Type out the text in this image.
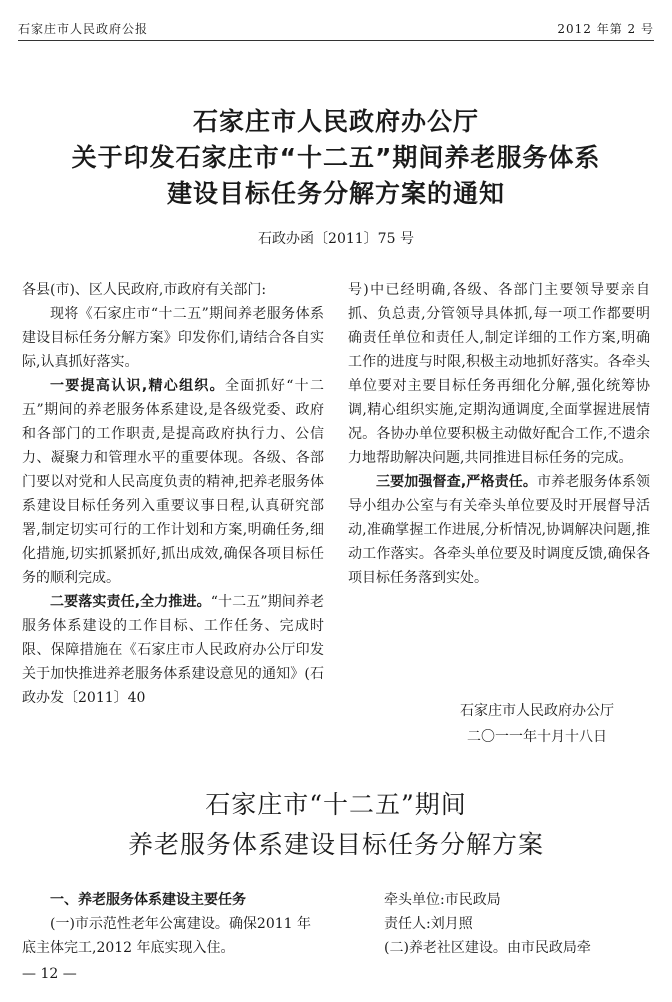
石家庄市人民政府公报	2012 年第 2 号
石家庄市人民政府办公厅
关于印发石家庄市“十二五”期间养老服务体系
建设目标任务分解方案的通知
石政办函〔2011〕75 号

各县(市)、区人民政府,市政府有关部门:

现将《石家庄市“十二五”期间养老服务体系建设目标任务分解方案》印发你们,请结合各自实际,认真抓好落实。

一要提高认识,精心组织。全面抓好“十二五”期间的养老服务体系建设,是各级党委、政府和各部门的工作职责,是提高政府执行力、公信力、凝聚力和管理水平的重要体现。各级、各部门要以对党和人民高度负责的精神,把养老服务体系建设目标任务列入重要议事日程,认真研究部署,制定切实可行的工作计划和方案,明确任务,细化措施,切实抓紧抓好,抓出成效,确保各项目标任务的顺利完成。

二要落实责任,全力推进。“十二五”期间养老服务体系建设的工作目标、工作任务、完成时限、保障措施在《石家庄市人民政府办公厅印发关于加快推进养老服务体系建设意见的通知》(石政办发〔2011〕40

号)中已经明确,各级、各部门主要领导要亲自抓、负总责,分管领导具体抓,每一项工作都要明确责任单位和责任人,制定详细的工作方案,明确工作的进度与时限,积极主动地抓好落实。各牵头单位要对主要目标任务再细化分解,强化统筹协调,精心组织实施,定期沟通调度,全面掌握进展情况。各协办单位要积极主动做好配合工作,不遗余力地帮助解决问题,共同推进目标任务的完成。

三要加强督查,严格责任。市养老服务体系领导小组办公室与有关牵头单位要及时开展督导活动,准确掌握工作进展,分析情况,协调解决问题,推动工作落实。各牵头单位要及时调度反馈,确保各项目标任务落到实处。

石家庄市人民政府办公厅
二〇一一年十月十八日
石家庄市“十二五”期间
养老服务体系建设目标任务分解方案

一、养老服务体系建设主要任务

(一)市示范性老年公寓建设。确保2011 年底主体完工,2012 年底实现入住。

牵头单位:市民政局

责任人:刘月照

(二)养老社区建设。由市民政局牵

— 12 —
